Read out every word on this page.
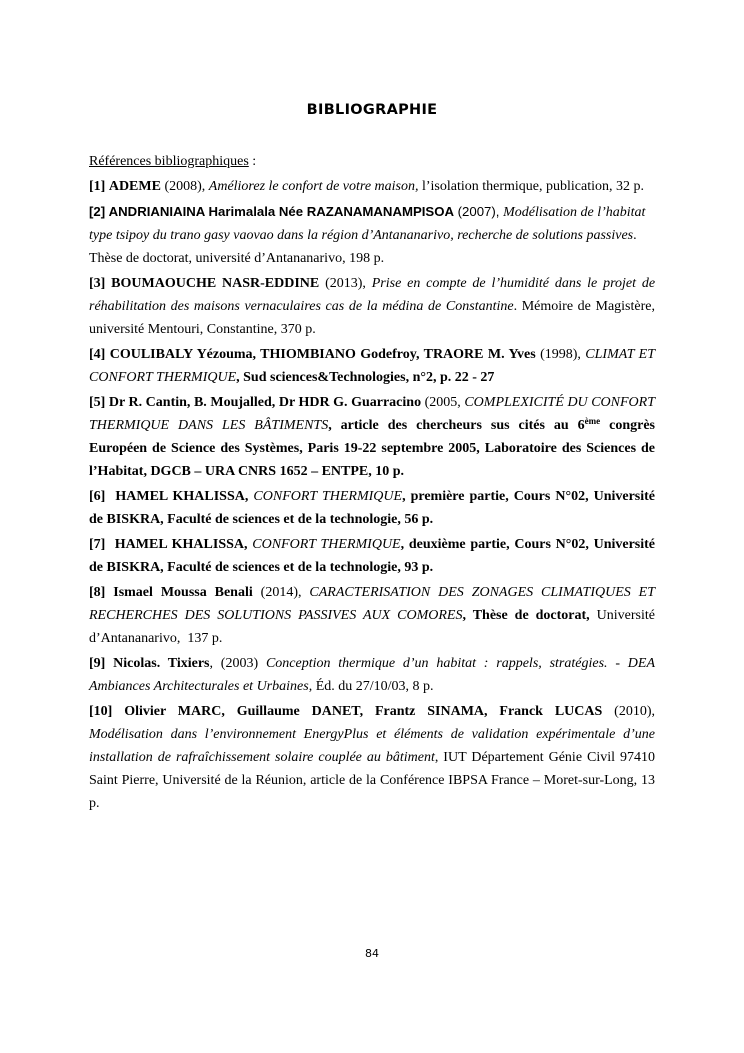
BIBLIOGRAPHIE

Références bibliographiques :

[1] ADEME (2008), Améliorez le confort de votre maison, l’isolation thermique, publication, 32 p.

[2] ANDRIANIAINA Harimalala Née RAZANAMANAMPISOA (2007), Modélisation de l’habitat type tsipoy du trano gasy vaovao dans la région d’Antananarivo, recherche de solutions passives. Thèse de doctorat, université d’Antananarivo, 198 p.

[3] BOUMAOUCHE NASR-EDDINE (2013), Prise en compte de l’humidité dans le projet de réhabilitation des maisons vernaculaires cas de la médina de Constantine. Mémoire de Magistère, université Mentouri, Constantine, 370 p.

[4] COULIBALY Yézouma, THIOMBIANO Godefroy, TRAORE M. Yves (1998), CLIMAT ET CONFORT THERMIQUE, Sud sciences&Technologies, n°2, p. 22 - 27

[5] Dr R. Cantin, B. Moujalled, Dr HDR G. Guarracino (2005, COMPLEXICITÉ DU CONFORT THERMIQUE DANS LES BÂTIMENTS, article des chercheurs sus cités au 6ème congrès Européen de Science des Systèmes, Paris 19-22 septembre 2005, Laboratoire des Sciences de l’Habitat, DGCB – URA CNRS 1652 – ENTPE, 10 p.

[6] HAMEL KHALISSA, CONFORT THERMIQUE, première partie, Cours N°02, Université de BISKRA, Faculté de sciences et de la technologie, 56 p.

[7] HAMEL KHALISSA, CONFORT THERMIQUE, deuxième partie, Cours N°02, Université de BISKRA, Faculté de sciences et de la technologie, 93 p.

[8] Ismael Moussa Benali (2014), CARACTERISATION DES ZONAGES CLIMATIQUES ET RECHERCHES DES SOLUTIONS PASSIVES AUX COMORES, Thèse de doctorat, Université d’Antananarivo,  137 p.

[9] Nicolas. Tixiers, (2003) Conception thermique d’un habitat : rappels, stratégies. - DEA Ambiances Architecturales et Urbaines, Éd. du 27/10/03, 8 p.

[10] Olivier MARC, Guillaume DANET, Frantz SINAMA, Franck LUCAS (2010), Modélisation dans l’environnement EnergyPlus et éléments de validation expérimentale d’une installation de rafraîchissement solaire couplée au bâtiment, IUT Département Génie Civil 97410 Saint Pierre, Université de la Réunion, article de la Conférence IBPSA France – Moret-sur-Long, 13 p.

84
